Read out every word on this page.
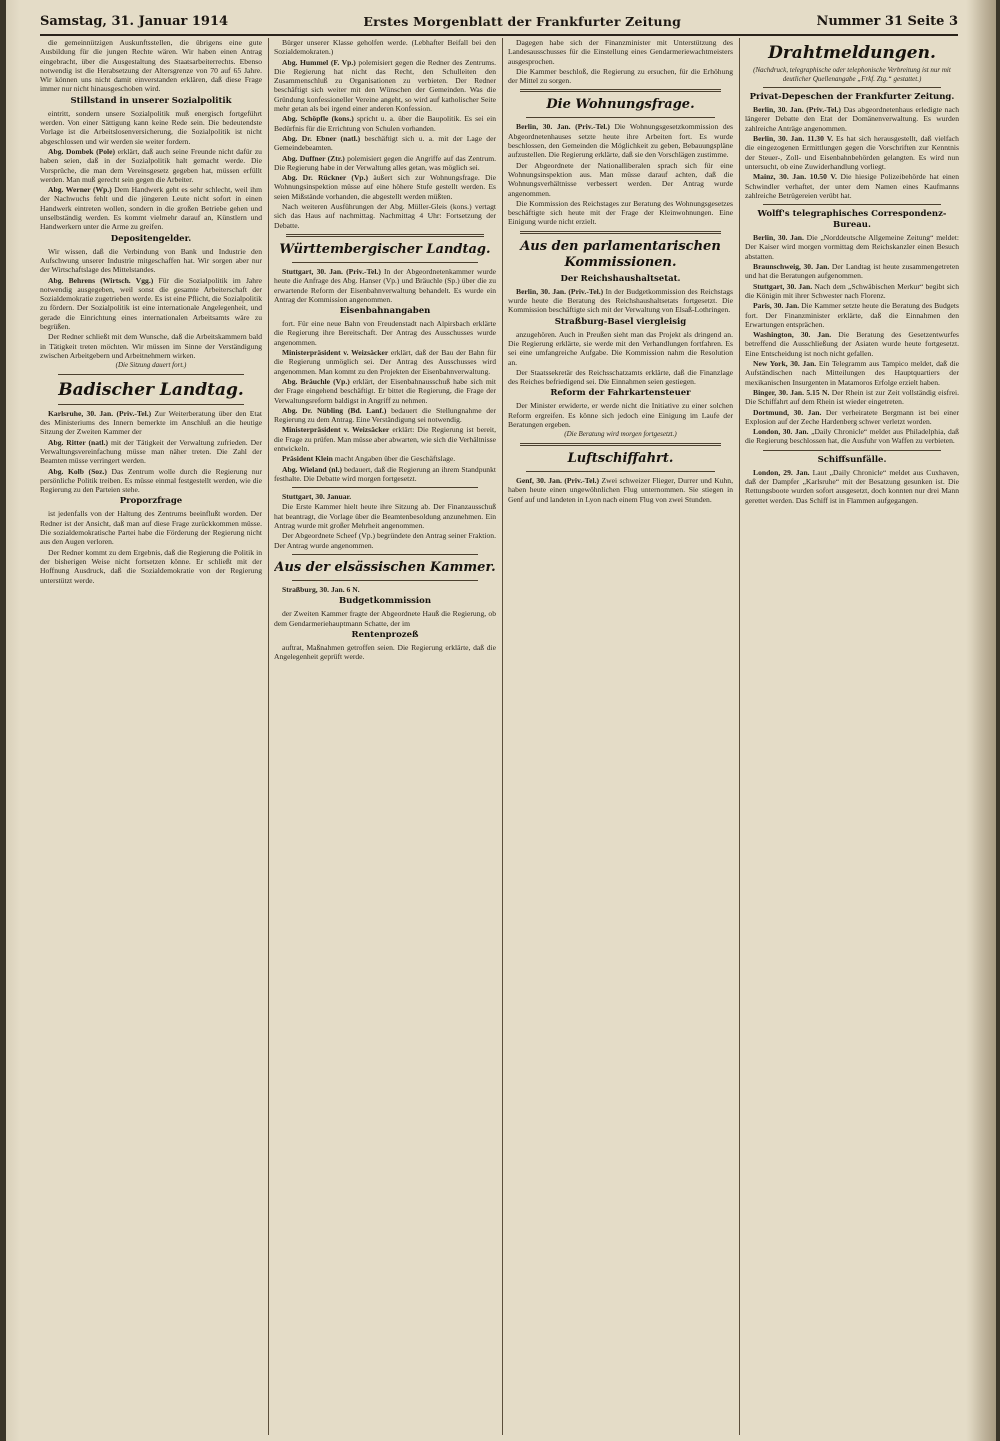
Samstag, 31. Januar 1914	Erstes Morgenblatt der Frankfurter Zeitung	Nummer 31 Seite 3

die gemeinnützigen Auskunftsstellen, die übrigens eine gute Ausbildung für die jungen Rechte wären. Wir haben einen Antrag eingebracht, über die Ausgestaltung des Staatsarbeiterrechts. Ebenso notwendig ist die Herabsetzung der Altersgrenze von 70 auf 65 Jahre. Wir können uns nicht damit einverstanden erklären, daß diese Frage immer nur nicht hinausgeschoben wird.

Stillstand in unserer Sozialpolitik

eintritt, sondern unsere Sozialpolitik muß energisch fortgeführt werden. Von einer Sättigung kann keine Rede sein. Die bedeutendste Vorlage ist die Arbeitslosenversicherung, die Sozialpolitik ist nicht abgeschlossen und wir werden sie weiter fordern.

Abg. Dombek (Pole) erklärt, daß auch seine Freunde nicht dafür zu haben seien, daß in der Sozialpolitik halt gemacht werde. Die Vorsprüche, die man dem Vereinsgesetz gegeben hat, müssen erfüllt werden. Man muß gerecht sein gegen die Arbeiter.

Abg. Werner (Wp.) Dem Handwerk geht es sehr schlecht, weil ihm der Nachwuchs fehlt und die jüngeren Leute nicht sofort in einen Handwerk eintreten wollen, sondern in die großen Betriebe gehen und unselbständig werden. Es kommt vielmehr darauf an, Künstlern und Handwerkern unter die Arme zu greifen.

Depositengelder.

Wir wissen, daß die Verbindung von Bank und Industrie den Aufschwung unserer Industrie mitgeschaffen hat. Wir sorgen aber nur der Wirtschaftslage des Mittelstandes.

Abg. Behrens (Wirtsch. Vgg.) Für die Sozialpolitik im Jahre notwendig ausgegeben, weil sonst die gesamte Arbeiterschaft der Sozialdemokratie zugetrieben werde. Es ist eine Pflicht, die Sozialpolitik zu fördern. Der Sozialpolitik ist eine internationale Angelegenheit, und gerade die Einrichtung eines internationalen Arbeitsamts wäre zu begrüßen.

Der Redner schließt mit dem Wunsche, daß die Arbeitskammern bald in Tätigkeit treten möchten. Wir müssen im Sinne der Verständigung zwischen Arbeitgebern und Arbeitnehmern wirken.

(Die Sitzung dauert fort.)
Badischer Landtag.

Karlsruhe, 30. Jan. (Priv.-Tel.) Zur Weiterberatung über den Etat des Ministeriums des Innern bemerkte im Anschluß an die heutige Sitzung der Zweiten Kammer der

Abg. Ritter (natl.) mit der Tätigkeit der Verwaltung zufrieden. Der Verwaltungsvereinfachung müsse man näher treten. Die Zahl der Beamten müsse verringert werden.

Abg. Kolb (Soz.) Das Zentrum wolle durch die Regierung nur persönliche Politik treiben. Es müsse einmal festgestellt werden, wie die Regierung zu den Parteien stehe.

Proporzfrage

ist jedenfalls von der Haltung des Zentrums beeinflußt worden. Der Redner ist der Ansicht, daß man auf diese Frage zurückkommen müsse. Die sozialdemokratische Partei habe die Förderung der Regierung nicht aus den Augen verloren.

Der Redner kommt zu dem Ergebnis, daß die Regierung die Politik in der bisherigen Weise nicht fortsetzen könne. Er schließt mit der Hoffnung Ausdruck, daß die Sozialdemokratie von der Regierung unterstützt werde.

Bürger unserer Klasse geholfen werde. (Lebhafter Beifall bei den Sozialdemokraten.)

Abg. Hummel (F. Vp.) polemisiert gegen die Redner des Zentrums. Die Regierung hat nicht das Recht, den Schulleiten den Zusammenschluß zu Organisationen zu verbieten. Der Redner beschäftigt sich weiter mit den Wünschen der Gemeinden. Was die Gründung konfessioneller Vereine angeht, so wird auf katholischer Seite mehr getan als bei irgend einer anderen Konfession.

Abg. Schöpfle (kons.) spricht u. a. über die Baupolitik. Es sei ein Bedürfnis für die Errichtung von Schulen vorhanden.

Abg. Dr. Ebner (natl.) beschäftigt sich u. a. mit der Lage der Gemeindebeamten.

Abg. Duffner (Ztr.) polemisiert gegen die Angriffe auf das Zentrum. Die Regierung habe in der Verwaltung alles getan, was möglich sei.

Abg. Dr. Rückner (Vp.) äußert sich zur Wohnungsfrage. Die Wohnungsinspektion müsse auf eine höhere Stufe gestellt werden. Es seien Mißstände vorhanden, die abgestellt werden müßten.

Nach weiteren Ausführungen der Abg. Müller-Gleis (kons.) vertagt sich das Haus auf nachmittag. Nachmittag 4 Uhr: Fortsetzung der Debatte.

Württembergischer Landtag.

Stuttgart, 30. Jan. (Priv.-Tel.) In der Abgeordnetenkammer wurde heute die Anfrage des Abg. Hanser (Vp.) und Bräuchle (Sp.) über die zu erwartende Reform der Eisenbahnverwaltung behandelt. Es wurde ein Antrag der Kommission angenommen.

Eisenbahnangaben

fort. Für eine neue Bahn von Freudenstadt nach Alpirsbach erklärte die Regierung ihre Bereitschaft. Der Antrag des Ausschusses wurde angenommen.

Ministerpräsident v. Weizsäcker erklärt, daß der Bau der Bahn für die Regierung unmöglich sei. Der Antrag des Ausschusses wird angenommen. Man kommt zu den Projekten der Eisenbahnverwaltung.

Abg. Bräuchle (Vp.) erklärt, der Eisenbahnausschuß habe sich mit der Frage eingehend beschäftigt. Er bittet die Regierung, die Frage der Verwaltungsreform baldigst in Angriff zu nehmen.

Abg. Dr. Nübling (Bd. Lanf.) bedauert die Stellungnahme der Regierung zu dem Antrag. Eine Verständigung sei notwendig.

Ministerpräsident v. Weizsäcker erklärt: Die Regierung ist bereit, die Frage zu prüfen. Man müsse aber abwarten, wie sich die Verhältnisse entwickeln.

Präsident Klein macht Angaben über die Geschäftslage.

Abg. Wieland (nl.) bedauert, daß die Regierung an ihrem Standpunkt festhalte. Die Debatte wird morgen fortgesetzt.

Stuttgart, 30. Januar.

Die Erste Kammer hielt heute ihre Sitzung ab. Der Finanzausschuß hat beantragt, die Vorlage über die Beamtenbesoldung anzunehmen. Ein Antrag wurde mit großer Mehrheit angenommen.

Der Abgeordnete Scheef (Vp.) begründete den Antrag seiner Fraktion. Der Antrag wurde angenommen.

Aus der elsässischen Kammer.

Straßburg, 30. Jan. 6 N.

Budgetkommission

der Zweiten Kammer fragte der Abgeordnete Hauß die Regierung, ob dem Gendarmeriehauptmann Schatte, der im

Rentenprozeß

auftrat, Maßnahmen getroffen seien. Die Regierung erklärte, daß die Angelegenheit geprüft werde.

Dagegen habe sich der Finanzminister mit Unterstützung des Landesausschusses für die Einstellung eines Gendarmeriewachtmeisters ausgesprochen.

Die Kammer beschloß, die Regierung zu ersuchen, für die Erhöhung der Mittel zu sorgen.

Die Wohnungsfrage.

Berlin, 30. Jan. (Priv.-Tel.) Die Wohnungsgesetzkommission des Abgeordnetenhauses setzte heute ihre Arbeiten fort. Es wurde beschlossen, den Gemeinden die Möglichkeit zu geben, Bebauungspläne aufzustellen. Die Regierung erklärte, daß sie den Vorschlägen zustimme.

Der Abgeordnete der Nationalliberalen sprach sich für eine Wohnungsinspektion aus. Man müsse darauf achten, daß die Wohnungsverhältnisse verbessert werden. Der Antrag wurde angenommen.

Die Kommission des Reichstages zur Beratung des Wohnungsgesetzes beschäftigte sich heute mit der Frage der Kleinwohnungen. Eine Einigung wurde nicht erzielt.

Aus den parlamentarischen Kommissionen.
Der Reichshaushaltsetat.

Berlin, 30. Jan. (Priv.-Tel.) In der Budgetkommission des Reichstags wurde heute die Beratung des Reichshaushaltsetats fortgesetzt. Die Kommission beschäftigte sich mit der Verwaltung von Elsaß-Lothringen.

Straßburg-Basel viergleisig

anzugehören. Auch in Preußen sieht man das Projekt als dringend an. Die Regierung erklärte, sie werde mit den Verhandlungen fortfahren. Es sei eine umfangreiche Aufgabe. Die Kommission nahm die Resolution an.

Der Staatssekretär des Reichsschatzamts erklärte, daß die Finanzlage des Reiches befriedigend sei. Die Einnahmen seien gestiegen.

Reform der Fahrkartensteuer

Der Minister erwiderte, er werde nicht die Initiative zu einer solchen Reform ergreifen. Es könne sich jedoch eine Einigung im Laufe der Beratungen ergeben.

(Die Beratung wird morgen fortgesetzt.)
Luftschiffahrt.

Genf, 30. Jan. (Priv.-Tel.) Zwei schweizer Flieger, Durrer und Kuhn, haben heute einen ungewöhnlichen Flug unternommen. Sie stiegen in Genf auf und landeten in Lyon nach einem Flug von zwei Stunden.

Drahtmeldungen.
(Nachdruck, telegraphische oder telephonische Verbreitung ist nur mit deutlicher Quellenangabe „Frkf. Ztg.“ gestattet.)
Privat-Depeschen der Frankfurter Zeitung.

Berlin, 30. Jan. (Priv.-Tel.) Das abgeordnetenhaus erledigte nach längerer Debatte den Etat der Domänenverwaltung. Es wurden zahlreiche Anträge angenommen.

Berlin, 30. Jan. 11.30 V. Es hat sich herausgestellt, daß vielfach die eingezogenen Ermittlungen gegen die Vorschriften zur Kenntnis der Steuer-, Zoll- und Eisenbahnbehörden gelangten. Es wird nun untersucht, ob eine Zuwiderhandlung vorliegt.

Mainz, 30. Jan. 10.50 V. Die hiesige Polizeibehörde hat einen Schwindler verhaftet, der unter dem Namen eines Kaufmanns zahlreiche Betrügereien verübt hat.

Wolff's telegraphisches Correspondenz-Bureau.

Berlin, 30. Jan. Die „Norddeutsche Allgemeine Zeitung“ meldet: Der Kaiser wird morgen vormittag dem Reichskanzler einen Besuch abstatten.

Braunschweig, 30. Jan. Der Landtag ist heute zusammengetreten und hat die Beratungen aufgenommen.

Stuttgart, 30. Jan. Nach dem „Schwäbischen Merkur“ begibt sich die Königin mit ihrer Schwester nach Florenz.

Paris, 30. Jan. Die Kammer setzte heute die Beratung des Budgets fort. Der Finanzminister erklärte, daß die Einnahmen den Erwartungen entsprächen.

Washington, 30. Jan. Die Beratung des Gesetzentwurfes betreffend die Ausschließung der Asiaten wurde heute fortgesetzt. Eine Entscheidung ist noch nicht gefallen.

New York, 30. Jan. Ein Telegramm aus Tampico meldet, daß die Aufständischen nach Mitteilungen des Hauptquartiers der mexikanischen Insurgenten in Matamoros Erfolge erzielt haben.

Binger, 30. Jan. 5.15 N. Der Rhein ist zur Zeit vollständig eisfrei. Die Schiffahrt auf dem Rhein ist wieder eingetreten.

Dortmund, 30. Jan. Der verheiratete Bergmann ist bei einer Explosion auf der Zeche Hardenberg schwer verletzt worden.

London, 30. Jan. „Daily Chronicle“ meldet aus Philadelphia, daß die Regierung beschlossen hat, die Ausfuhr von Waffen zu verbieten.

Schiffsunfälle.

London, 29. Jan. Laut „Daily Chronicle“ meldet aus Cuxhaven, daß der Dampfer „Karlsruhe“ mit der Besatzung gesunken ist. Die Rettungsboote wurden sofort ausgesetzt, doch konnten nur drei Mann gerettet werden. Das Schiff ist in Flammen aufgegangen.
